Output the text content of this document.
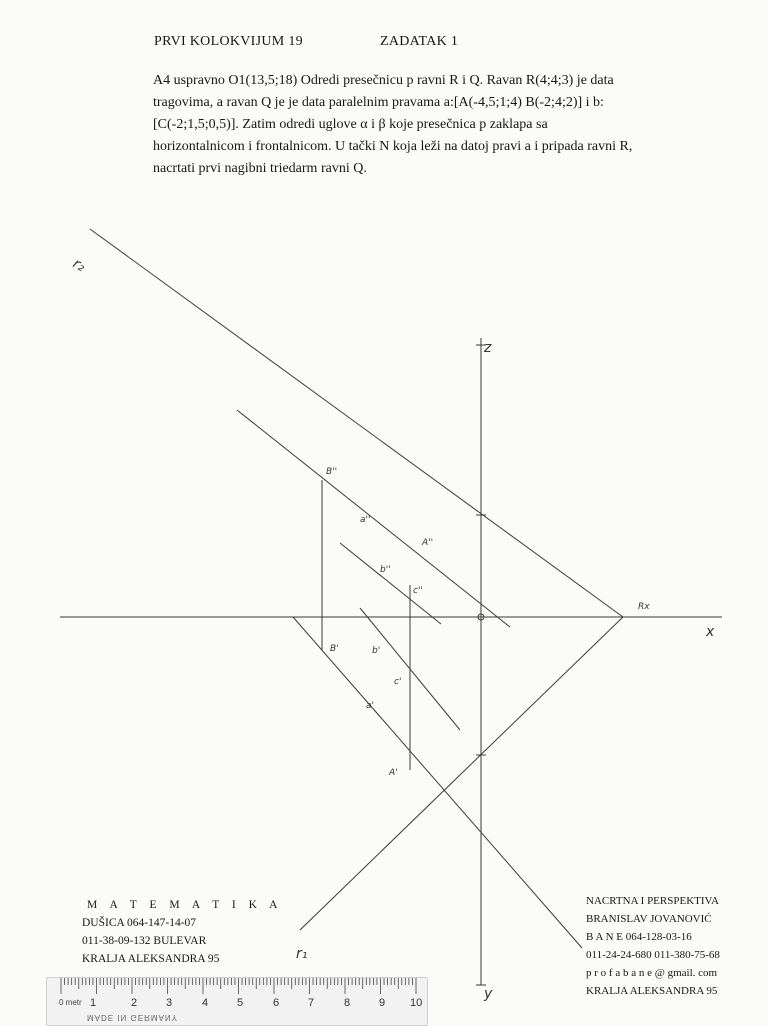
PRVI KOLOKVIJUM 19	ZADATAK 1

A4 uspravno O1(13,5;18) Odredi presečnicu p ravni R i Q. Ravan R(4;4;3) je data

tragovima, a ravan Q je je data paralelnim pravama a:[A(-4,5;1;4) B(-2;4;2)] i b:

[C(-2;1,5;0,5)]. Zatim odredi uglove α i β koje presečnica p zaklapa sa

horizontalnicom i frontalnicom. U tački N koja leži na datoj pravi a i pripada ravni R,

nacrtati prvi nagibni triedarm ravni Q.

r₂
r₁
z
x
y
Rx
B''
a''
A''
b''
c''
B'	b'
c'
a'
A'
M A T E M A T I K A
DUŠICA 064-147-14-07
011-38-09-132 BULEVAR
KRALJA ALEKSANDRA 95
NACRTNA I PERSPEKTIVA
BRANISLAV JOVANOVIĆ
B A N E 064-128-03-16
011-24-24-680 011-380-75-68
p r o f a b a n e @ gmail. com
KRALJA ALEKSANDRA 95
0 metr 1	2	3	4	5	6	7	8	9 10
MADE IN GERMANY
